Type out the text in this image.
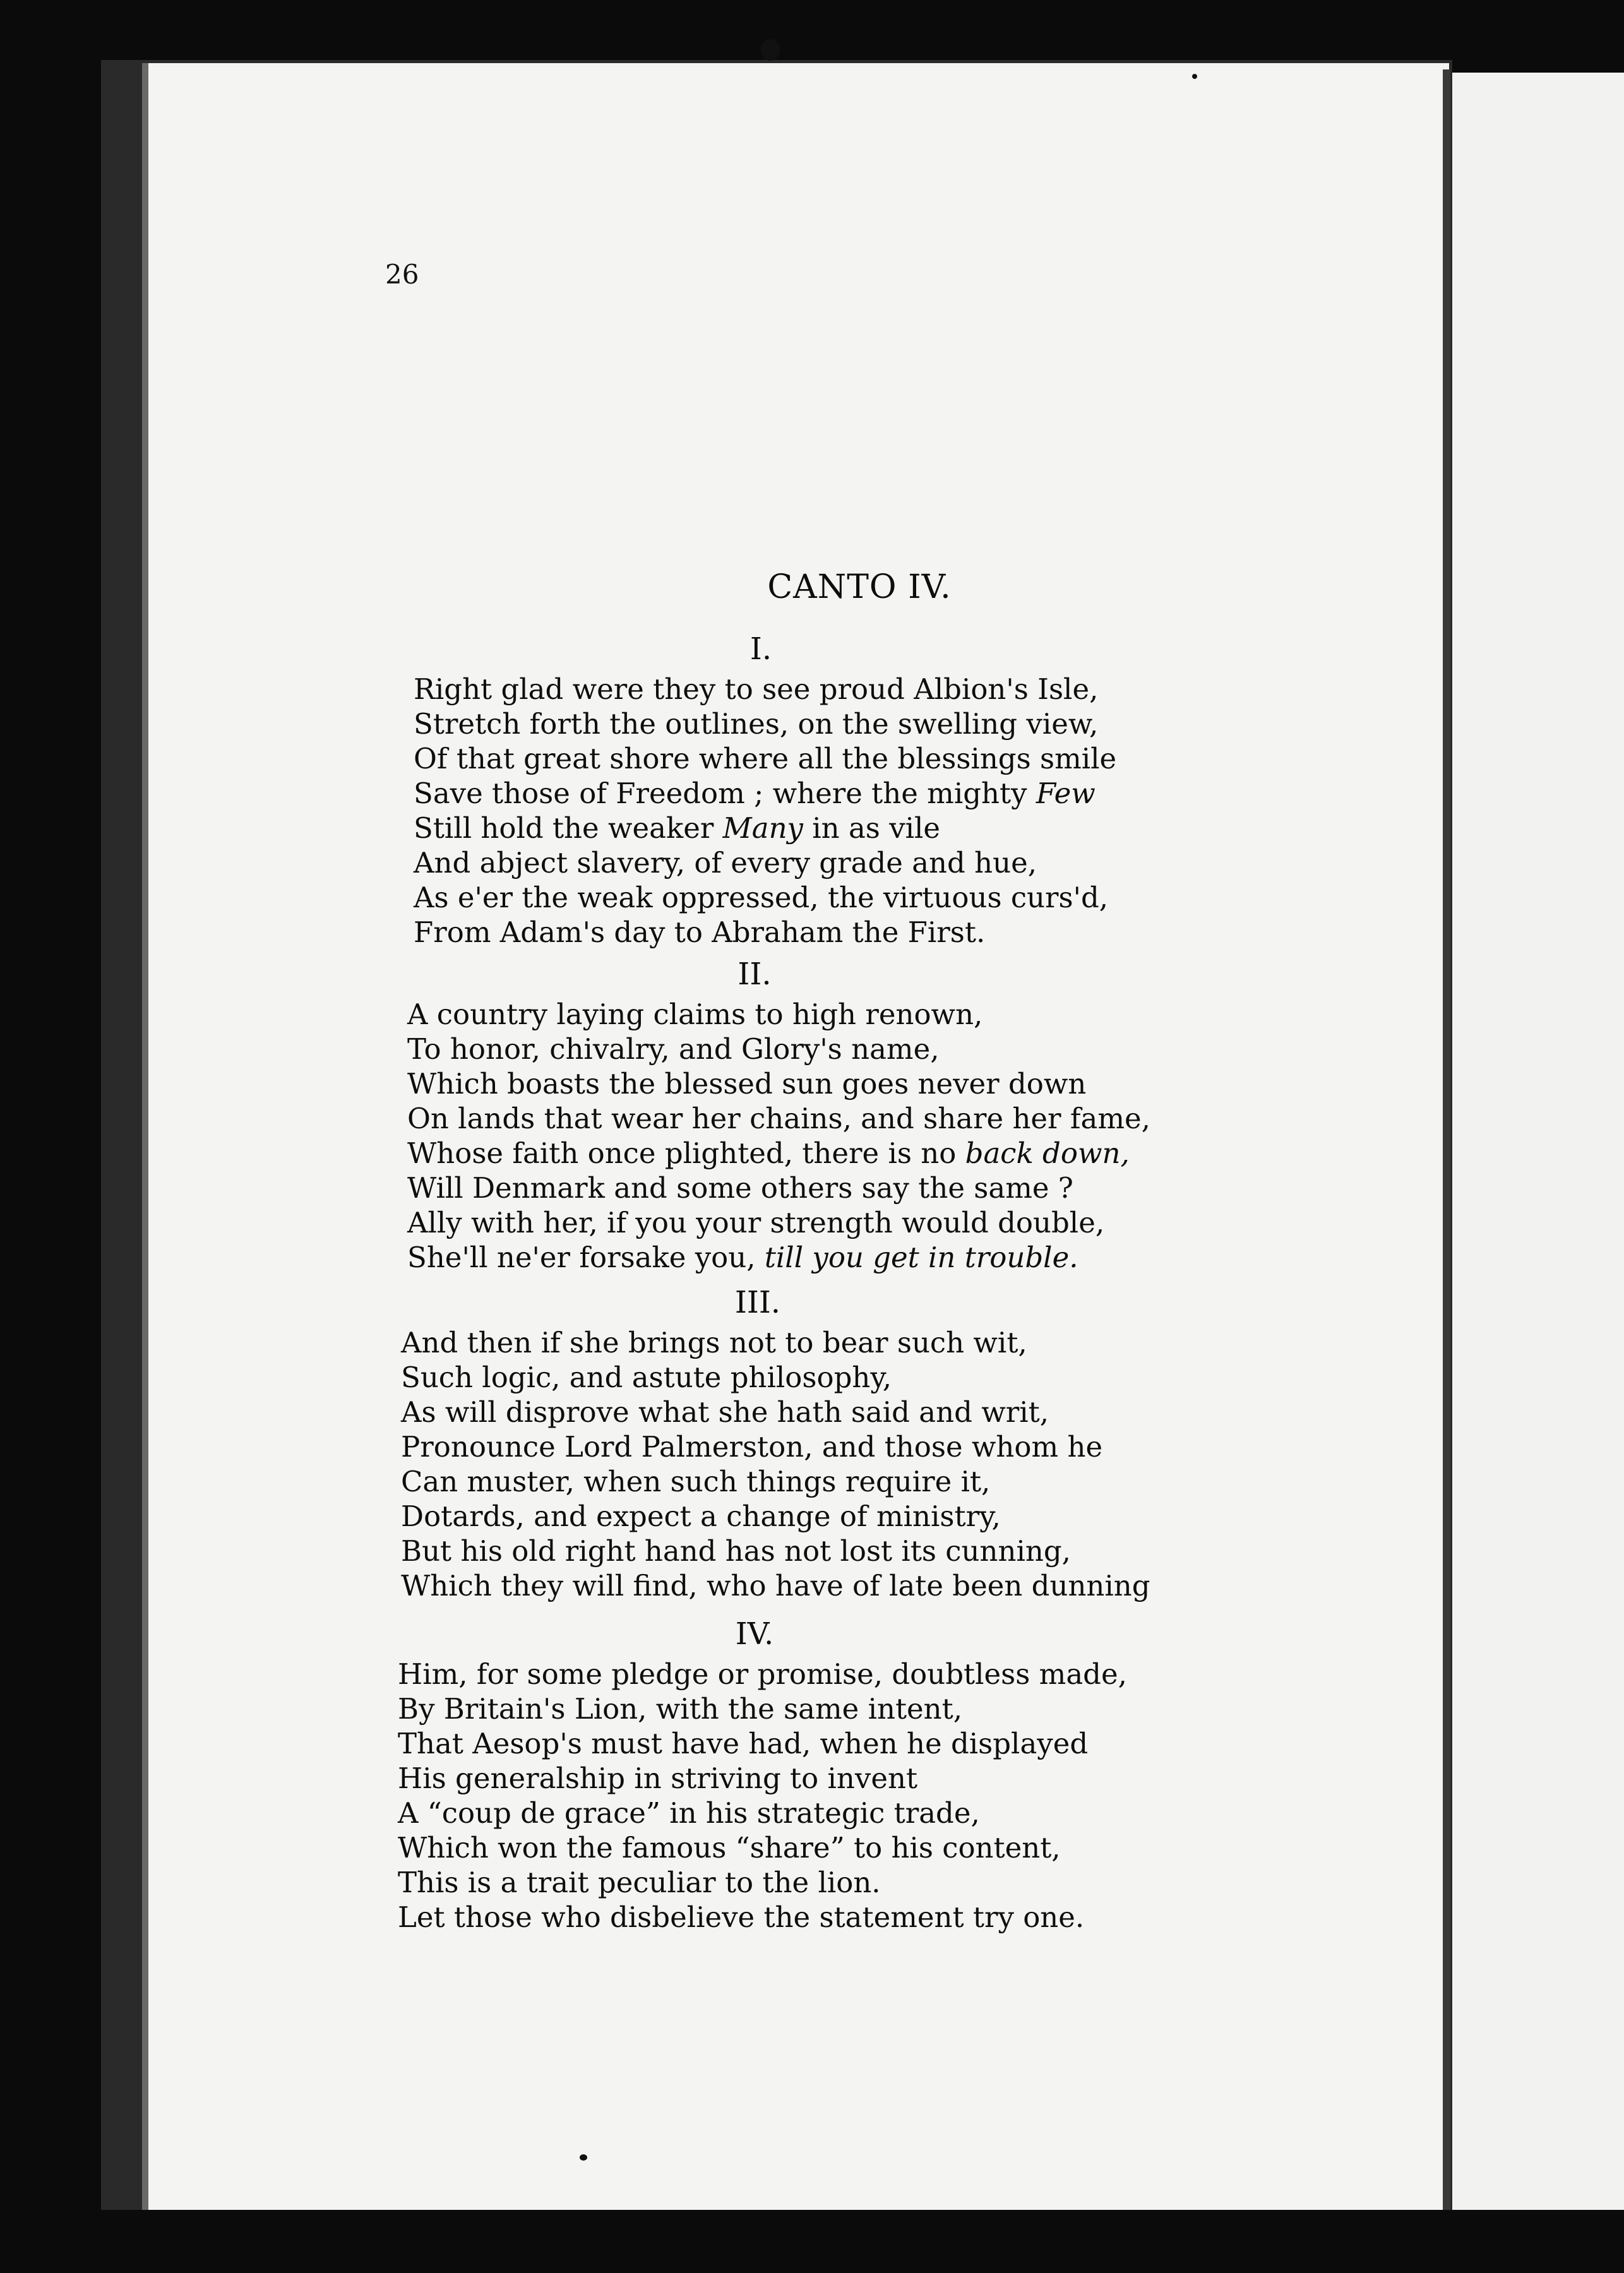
26
CANTO IV.
I.
Right glad were they to see proud Albion's Isle,
Stretch forth the outlines, on the swelling view,
Of that great shore where all the blessings smile
Save those of Freedom ; where the mighty Few
Still hold the weaker Many in as vile
And abject slavery, of every grade and hue,
As e'er the weak oppressed, the virtuous curs'd,
From Adam's day to Abraham the First.
II.
A country laying claims to high renown,
To honor, chivalry, and Glory's name,
Which boasts the blessed sun goes never down
On lands that wear her chains, and share her fame,
Whose faith once plighted, there is no back down,
Will Denmark and some others say the same ?
Ally with her, if you your strength would double,
She'll ne'er forsake you, till you get in trouble.
III.
And then if she brings not to bear such wit,
Such logic, and astute philosophy,
As will disprove what she hath said and writ,
Pronounce Lord Palmerston, and those whom he
Can muster, when such things require it,
Dotards, and expect a change of ministry,
But his old right hand has not lost its cunning,
Which they will find, who have of late been dunning
IV.
Him, for some pledge or promise, doubtless made,
By Britain's Lion, with the same intent,
That Aesop's must have had, when he displayed
His generalship in striving to invent
A “coup de grace” in his strategic trade,
Which won the famous “share” to his content,
This is a trait peculiar to the lion.
Let those who disbelieve the statement try one.
